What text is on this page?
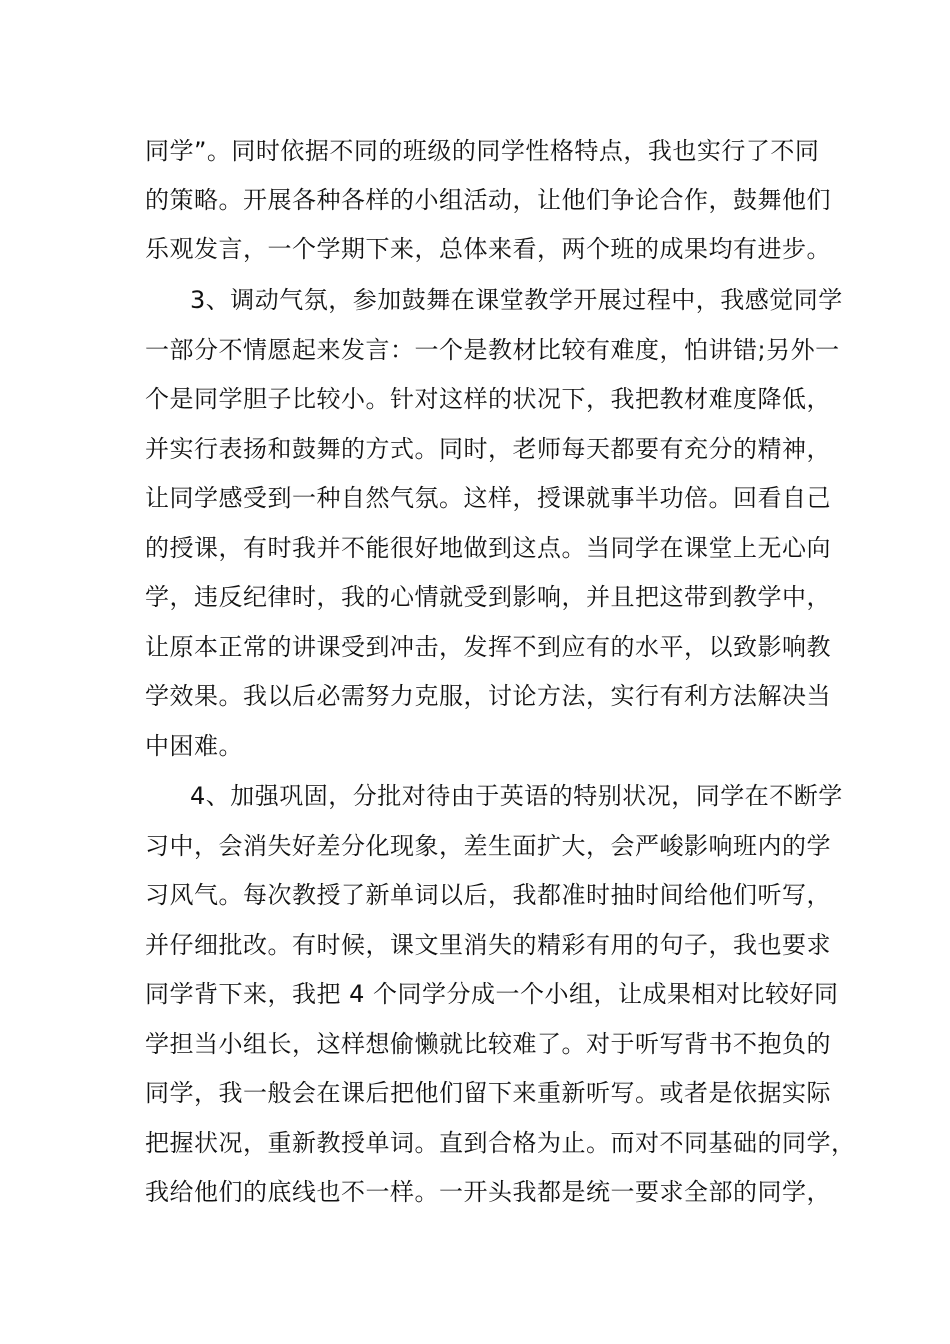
同学”。同时依据不同的班级的同学性格特点，我也实行了不同
的策略。开展各种各样的小组活动，让他们争论合作，鼓舞他们
乐观发言，一个学期下来，总体来看，两个班的成果均有进步。
3、调动气氛，参加鼓舞在课堂教学开展过程中，我感觉同学
一部分不情愿起来发言：一个是教材比较有难度，怕讲错;另外一
个是同学胆子比较小。针对这样的状况下，我把教材难度降低，
并实行表扬和鼓舞的方式。同时，老师每天都要有充分的精神，
让同学感受到一种自然气氛。这样，授课就事半功倍。回看自己
的授课，有时我并不能很好地做到这点。当同学在课堂上无心向
学，违反纪律时，我的心情就受到影响，并且把这带到教学中，
让原本正常的讲课受到冲击，发挥不到应有的水平，以致影响教
学效果。我以后必需努力克服，讨论方法，实行有利方法解决当
中困难。
4、加强巩固，分批对待由于英语的特别状况，同学在不断学
习中，会消失好差分化现象，差生面扩大，会严峻影响班内的学
习风气。每次教授了新单词以后，我都准时抽时间给他们听写，
并仔细批改。有时候，课文里消失的精彩有用的句子，我也要求
同学背下来，我把 4 个同学分成一个小组，让成果相对比较好同
学担当小组长，这样想偷懒就比较难了。对于听写背书不抱负的
同学，我一般会在课后把他们留下来重新听写。或者是依据实际
把握状况，重新教授单词。直到合格为止。而对不同基础的同学，
我给他们的底线也不一样。一开头我都是统一要求全部的同学，
